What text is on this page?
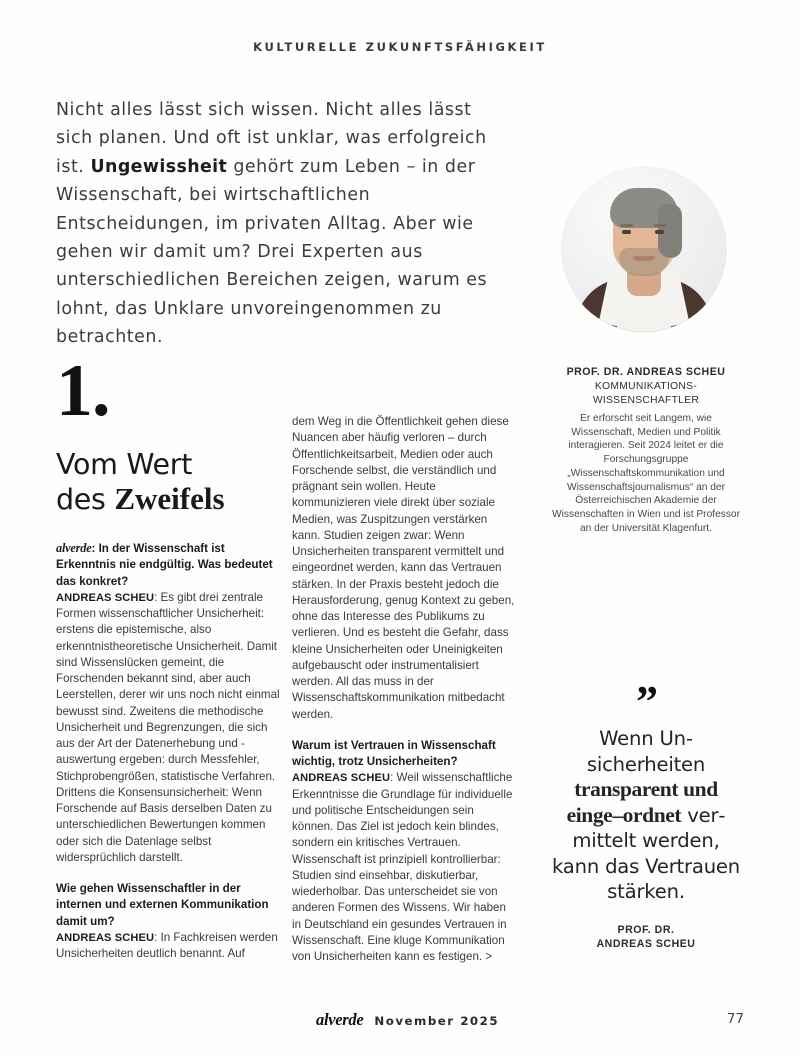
KULTURELLE ZUKUNFTSFÄHIGKEIT
Nicht alles lässt sich wissen. Nicht alles lässt sich planen. Und oft ist unklar, was erfolgreich ist. Ungewissheit gehört zum Leben – in der Wissenschaft, bei wirtschaftlichen Entscheidungen, im privaten Alltag. Aber wie gehen wir damit um? Drei Experten aus unterschiedlichen Bereichen zeigen, warum es lohnt, das Unklare unvoreingenommen zu betrachten.
PROF. DR. ANDREAS SCHEU
KOMMUNIKATIONS-
WISSENSCHAFTLER
Er erforscht seit Langem, wie Wissenschaft, Medien und Politik interagieren. Seit 2024 leitet er die Forschungsgruppe „Wissenschaftskommunikation und Wissenschaftsjournalismus“ an der Österreichischen Akademie der Wissenschaften in Wien und ist Professor an der Universität Klagenfurt.
1.
Vom Wert
des Zweifels

alverde: In der Wissenschaft ist Erkenntnis nie endgültig. Was bedeutet das konkret?

ANDREAS SCHEU: Es gibt drei zentrale Formen wissenschaftlicher Unsicherheit: erstens die epistemische, also erkenntnistheoretische Unsicherheit. Damit sind Wissenslücken gemeint, die Forschenden bekannt sind, aber auch Leerstellen, derer wir uns noch nicht einmal bewusst sind. Zweitens die methodische Unsicherheit und Begrenzungen, die sich aus der Art der Datenerhebung und -auswertung ergeben: durch Messfehler, Stichprobengrößen, statistische Verfahren. Drittens die Konsensunsicherheit: Wenn Forschende auf Basis derselben Daten zu unterschiedlichen Bewertungen kommen oder sich die Datenlage selbst widersprüchlich darstellt.

Wie gehen Wissenschaftler in der internen und externen Kommunikation damit um?

ANDREAS SCHEU: In Fachkreisen werden Unsicherheiten deutlich benannt. Auf

dem Weg in die Öffentlichkeit gehen diese Nuancen aber häufig verloren – durch Öffentlichkeitsarbeit, Medien oder auch Forschende selbst, die verständlich und prägnant sein wollen. Heute kommunizieren viele direkt über soziale Medien, was Zuspitzungen verstärken kann. Studien zeigen zwar: Wenn Unsicherheiten transparent vermittelt und eingeordnet werden, kann das Vertrauen stärken. In der Praxis besteht jedoch die Herausforderung, genug Kontext zu geben, ohne das Interesse des Publikums zu verlieren. Und es besteht die Gefahr, dass kleine Unsicherheiten oder Uneinigkeiten aufgebauscht oder instrumentalisiert werden. All das muss in der Wissenschaftskommunikation mitbedacht werden.

Warum ist Vertrauen in Wissenschaft wichtig, trotz Unsicherheiten?

ANDREAS SCHEU: Weil wissenschaftliche Erkenntnisse die Grundlage für individuelle und politische Entscheidungen sein können. Das Ziel ist jedoch kein blindes, sondern ein kritisches Vertrauen. Wissenschaft ist prinzipiell kontrollierbar: Studien sind einsehbar, diskutierbar, wiederholbar. Das unterscheidet sie von anderen Formen des Wissens. Wir haben in Deutschland ein gesundes Vertrauen in Wissenschaft. Eine kluge Kommunikation von Unsicherheiten kann es festigen. >

”
Wenn Unsicherheiten transparent und einge–ordnet vermittelt werden, kann das Vertrauen stärken.
PROF. DR.
ANDREAS SCHEU
alverde November 2025	77
